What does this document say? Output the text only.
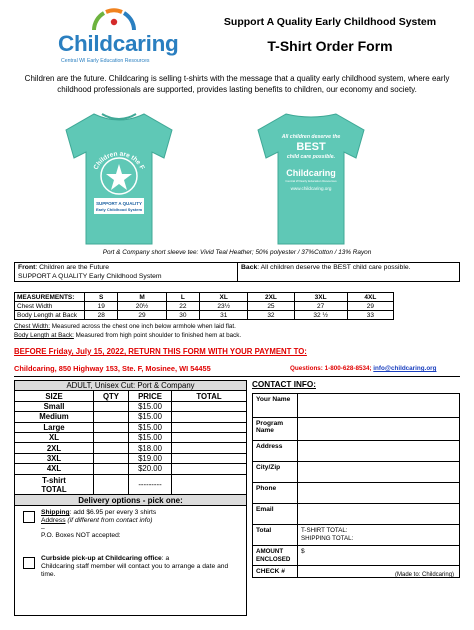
Childcaring
Central WI Early Education Resources
Support A Quality Early Childhood System
T-Shirt Order Form
Children are the future. Childcaring is selling t-shirts with the message that a quality early childhood system, where early childhood professionals are supported, provides lasting benefits to children, our economy and society.
Children are the F
SUPPORT A QUALITY
Early Childhood System
All children deserve the
BEST
child care possible.
Childcaring
Central WI Early Education Resources
www.childcaring.org
Port & Company short sleeve tee: Vivid Teal Heather; 50% polyester / 37%Cotton / 13% Rayon
Front: Children are the Future
SUPPORT A QUALITY Early Childhood System
Back: All children deserve the BEST child care possible.
MEASUREMENTS:	S	M	L	XL	2XL	3XL	4XL
Chest Width	19	20½	22	23½	25	27	29
Body Length at Back	28	29	30	31	32	32 ½	33
Chest Width: Measured across the chest one inch below armhole when laid flat.
Body Length at Back: Measured from high point shoulder to finished hem at back.
BEFORE Friday, July 15, 2022, RETURN THIS FORM WITH YOUR PAYMENT TO:
Childcaring, 850 Highway 153, Ste. F, Mosinee, WI 54455	Questions: 1-800-628-8534; info@childcaring.org
ADULT, Unisex Cut: Port & Company			
SIZE	QTY	PRICE	TOTAL
Small		$15.00	
Medium		$15.00	
Large		$15.00	
XL		$15.00	
2XL		$18.00	
3XL		$19.00	
4XL		$20.00	
T-shirt
TOTAL		---------	
Delivery options - pick one:
Shipping: add $6.95 per every 3 shirts
Address (if different from contact info)
–
P.O. Boxes NOT accepted:
Curbside pick-up at Childcaring office: a
Childcaring staff member will contact you to arrange a date and time.
CONTACT INFO:
Your Name	
Program Name	
Address	
City/Zip	
Phone	
Email	
Total	T-SHIRT TOTAL:
SHIPPING TOTAL:
AMOUNT ENCLOSED	$
CHECK #		(Made to: Childcaring)
